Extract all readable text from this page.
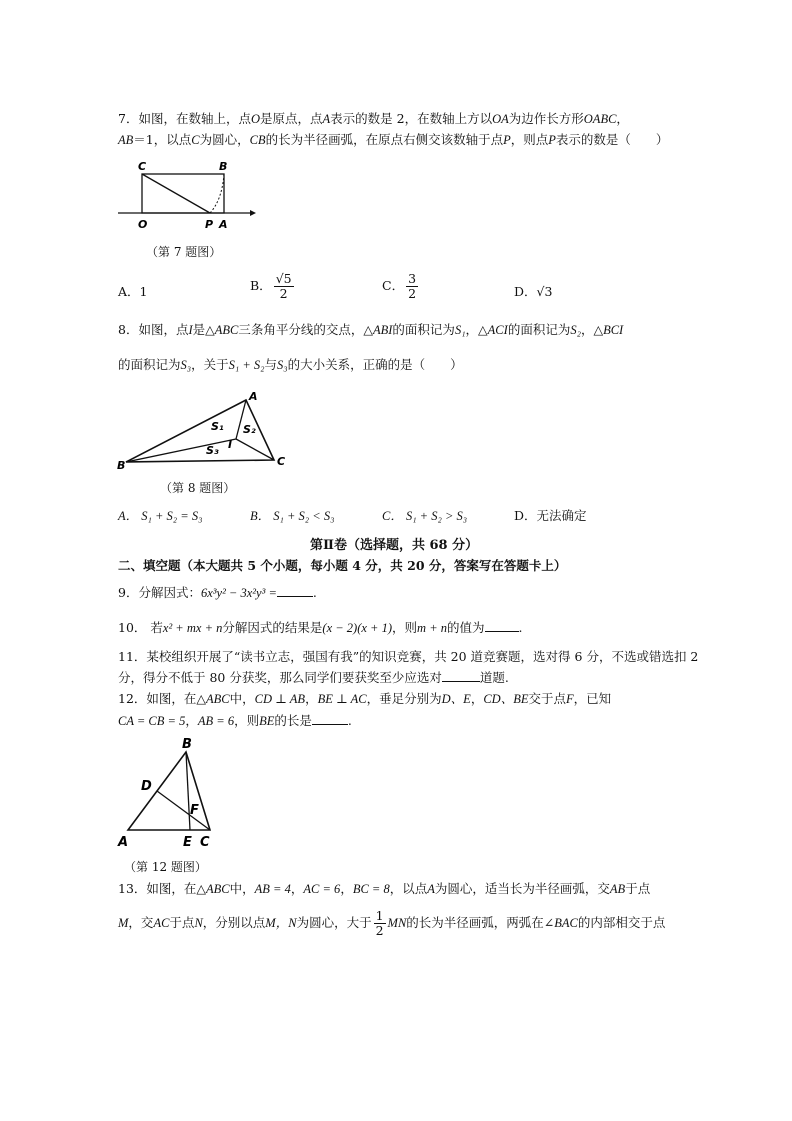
7．如图，在数轴上，点O是原点，点A表示的数是 2，在数轴上方以OA为边作长方形OABC，
AB＝1，以点C为圆心，CB的长为半径画弧，在原点右侧交该数轴于点P，则点P表示的数是（　　）
C	B
O	P A
（第 7 题图）
A．1	B． $\frac{√5}{2}$	C． $\frac{3}{2}$	D．√3
8．如图，点I是△ABC三条角平分线的交点，△ABI的面积记为S₁，△ACI的面积记为S₂，△BCI
的面积记为S₃，关于S₁ + S₂与S₃的大小关系，正确的是（　　）
A
B	C
I
S₁ S₂
S₃
（第 8 题图）
A． S₁ + S₂ = S₃	B． S₁ + S₂ < S₃	C． S₁ + S₂ > S₃	D．无法确定
第Ⅱ卷（选择题，共 68 分）
二、填空题（本大题共 5 个小题，每小题 4 分，共 20 分，答案写在答题卡上）
9．分解因式：6x³y² − 3x²y³ =	.
10． 若x² + mx + n分解因式的结果是(x − 2)(x + 1)，则m + n的值为	.
11．某校组织开展了“读书立志，强国有我”的知识竞赛，共 20 道竞赛题，选对得 6 分，不选或错选扣 2
分，得分不低于 80 分获奖，那么同学们要获奖至少应选对	道题.
12．如图，在△ABC中，CD ⊥ AB，BE ⊥ AC，垂足分别为D、E，CD、BE交于点F，已知
CA = CB = 5，AB = 6，则BE的长是	.
B
D
F
A	E C
（第 12 题图）
13．如图，在△ABC中，AB = 4，AC = 6，BC = 8，以点A为圆心，适当长为半径画弧，交AB于点
M，交AC于点N，分别以点M，N为圆心，大于 $\frac{1}{2}$ MN的长为半径画弧，两弧在∠BAC的内部相交于点
